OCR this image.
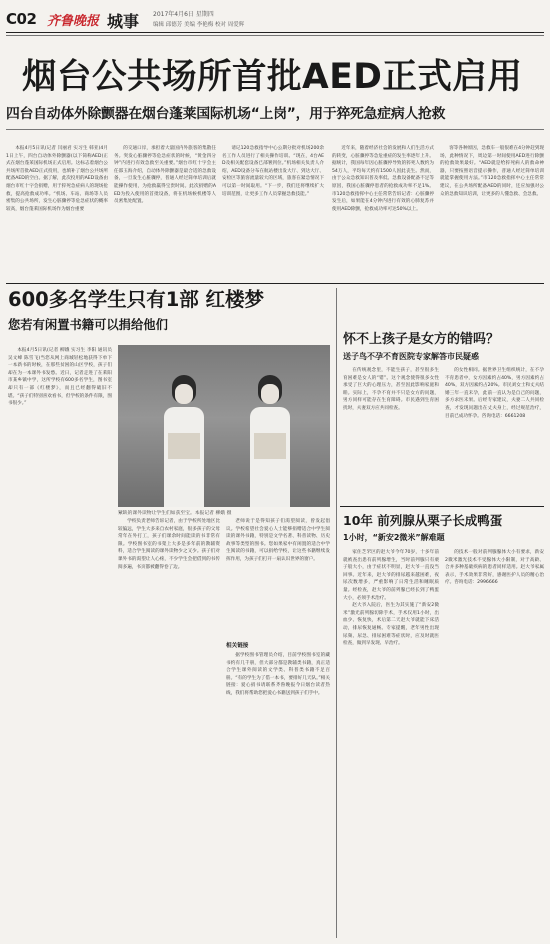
C02 齐鲁晚报 城事 2017年4月6日 星期四
编辑 邱德芳 美编 李艳梅 校对 周爱辉
烟台公共场所首批AED正式启用
四台自动体外除颤器在烟台蓬莱国际机场“上岗”，用于猝死急症病人抢救

本报4月5日讯(记者 闫丽君 实习生 韩亚)4月1日上午，四台自动体外除颤器(以下简称AED)正式在烟台蓬莱国际机场正式启用。这标志着烟台公共场所首批AED正式投用，也填补了烟台公共场所配备AED的空白。据了解，此次投用的AED设备由烟台市红十字会捐赠，用于猝死急症病人的现场抢救，提高抢救成功率。“机场、车站、商场等人员密集的公共场所，发生心脏骤停等危急症状的概率较高，烟台蓬莱国际机场作为烟台重要

的交通口岸，承担着大量国内外旅客的集散任务。突发心脏骤停等危急症状的时候，“黄金四分钟”内进行有效急救至关重要。”烟台市红十字会主任邵玉海介绍，自动体外除颤器是最合适的急救设备，一旦发生心脏骤停，普通人经过简单培训后就能操作使用，为抢救赢得宝贵时间。此次捐赠的AED为投入使用的首批设备，将在机场候机楼等人员密集处配置。

请记120急救指导中心公期分批对机场200余名工作人员进行了相关操作培训。“现在，4台AED及相关配套设备已部署到位。”机场相关负责人介绍，AED设备分布在航站楼出发大厅、到达大厅、安检区等旅客流量较大的区域，旅客在紧急情况下可以第一时间取用。“下一步，我们还将继续扩大培训范围，让更多工作人员掌握急救技能。”

近年来，随着经济社会的发展和人们生活方式的转变，心脏骤停等急危重症的发生率逐年上升。据统计，我国每年因心脏骤停导致的猝死人数约为54万人，平均每天约有1500人因此丧生。然而，由于公众急救知识普及率低、急救设备配备不足等原因，我国心脏骤停患者的抢救成功率不足1%。市120急救指挥中心主任常常告诉记者：心脏骤停发生后，如果能在4分钟内进行有效的心肺复苏并使用AED除颤，抢救成功率可达50%以上。

客等各种原因，急救车一般很难在4分钟赶到现场，此种情况下，周边第一时间使用AED进行除颤的抢救效果最好。“AED就是给猝死病人的救命神器，只要按照语音提示操作，普通人经过简单培训就能掌握使用方法。”市120急救指挥中心主任常常建议，在公共场所配备AED的同时，还应加强对公众的急救知识培训，让更多的人懂急救、会急救。

600多名学生只有1部 红楼梦
您若有闲置书籍可以捐给他们

本报4月5日讯(记者 柳娥 实习生 李阳 通讯员 吴文峰 陈雪飞)当您从网上商城轻松地获得下单下一本新书的时候，在那些贫困的山区学校，孩子们却在为一本课外书发愁。近日，记者走进了在莱阳市某乡镇中学，这所学校有600多名学生，图书室却只有一部《红楼梦》，而且已经翻得破旧不堪。“孩子们特别喜欢看书，但学校的条件有限，图书很少。”

紧缺的课外读物让学生们如获至宝。本报记者 柳娥 摄

学校负责老师告诉记者，由于学校所处地区比较偏远，学生大多来自农村家庭，很多孩子的父母常年在外打工，孩子们课余时间能读的书非常有限。学校图书室的书架上大多是多年前的教辅资料，适合学生阅读的课外读物少之又少。孩子们对课外书的渴望让人心疼，不少学生会把借到的书传阅多遍，书页都被翻得卷了边。

老师说于是得知孩子们渴望阅读，曾发起倡议。学校希望社会爱心人士能够捐赠适合中学生阅读的课外书籍，特别是文学名著、科普读物、历史故事等类型的图书。您如果家中有闲置的适合中学生阅读的书籍，可以捐给学校，让这些书籍继续发挥作用，为孩子们打开一扇认识世界的窗户。

相关链接

据学校图书管理员介绍，目前学校图书室的藏书约有几千册，但大部分都是教辅类书籍，真正适合学生课外阅读的文学类、科普类书籍不足百册。“有的学生为了借一本书，要排好几天队。”相关链接：爱心捐书请联系齐鲁晚报今日烟台读者热线，我们将帮助您把爱心书籍送到孩子们手中。

怀不上孩子是女方的错吗？
送子鸟不孕不育医院专家解答市民疑惑

在传统观念里，不能生孩子，甚至很多生育困难是女人的“错”。这个观念使得很多女性承受了巨大的心理压力，甚至因此影响家庭和睦。实际上，不孕不育并不只是女方的问题，男方同样可能存在生育障碍。市民遇到生育困扰时，夫妻双方应共同检查。

的女性相同。据世界卫生组织统计，在不孕不育患者中，女方因素约占40%，男方因素约占40%，双方因素约占20%。市民刘女士和丈夫结婚三年一直未孕，此前一直认为是自己的问题，多方求医未果。后经专家建议，夫妻二人共同检查，才发现问题出在丈夫身上，经过规范治疗，目前已成功怀孕。咨询电话：6661208

10年 前列腺从栗子长成鸭蛋
1小时，“新安2微米”解难题

家住芝罘区的赵大爷今年70岁，十多年前就被查出患有前列腺增生，当时前列腺只有栗子般大小，由于症状不明显，赵大爷一直没当回事。近年来，赵大爷的排尿越来越困难，夜尿次数增多，严重影响了日常生活和睡眠质量。经检查，赵大爷的前列腺已经长到了鸭蛋大小，必须手术治疗。

赵大爷入院后，医生为其实施了“新安2微米”激光前列腺切除手术，手术仅用1小时，出血少、恢复快，术后第二天赵大爷就能下床活动，排尿恢复通畅。专家提醒，老年男性出现尿频、尿急、排尿困难等症状时，应及时就医检查，做到早发现、早治疗。

的技术一般对前列腺腺体大小有要求，新安2微米激光技术不受腺体大小限制，对于高龄、合并多种基础疾病的患者同样适用。赵大爷家属表示，手术效果非常好，感谢医护人员的精心治疗。咨询电话：2996666
